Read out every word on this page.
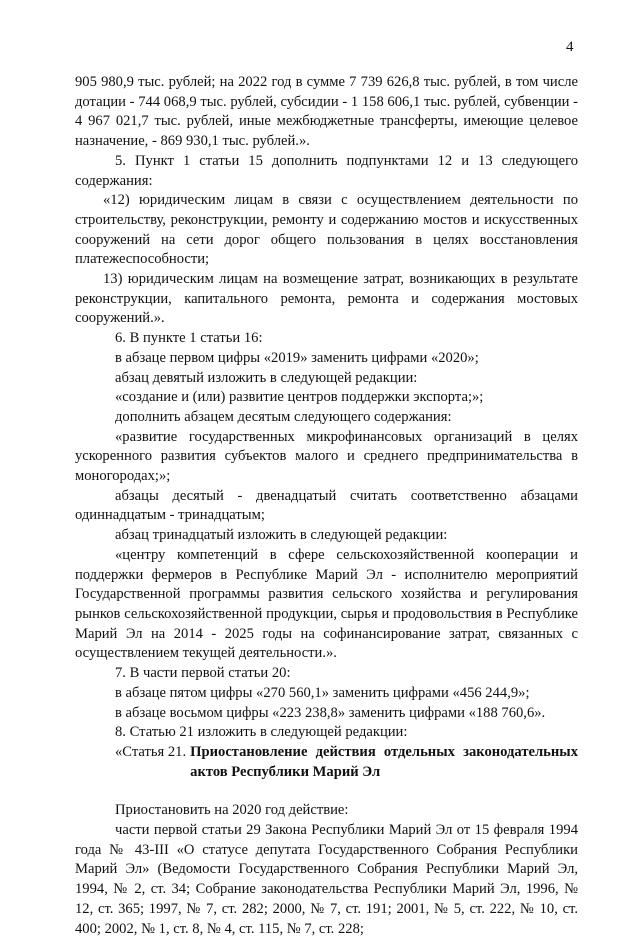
4

905 980,9 тыс. рублей; на 2022 год в сумме 7 739 626,8 тыс. рублей, в том числе дотации - 744 068,9 тыс. рублей, субсидии - 1 158 606,1 тыс. рублей, субвенции - 4 967 021,7 тыс. рублей, иные межбюджетные трансферты, имеющие целевое назначение, - 869 930,1 тыс. рублей.».

5. Пункт 1 статьи 15 дополнить подпунктами 12 и 13 следующего содержания:

«12) юридическим лицам в связи с осуществлением деятельности по строительству, реконструкции, ремонту и содержанию мостов и искусственных сооружений на сети дорог общего пользования в целях восстановления платежеспособности;

13) юридическим лицам на возмещение затрат, возникающих в результате реконструкции, капитального ремонта, ремонта и содержания мостовых сооружений.».

6. В пункте 1 статьи 16:

в абзаце первом цифры «2019» заменить цифрами «2020»;

абзац девятый изложить в следующей редакции:

«создание и (или) развитие центров поддержки экспорта;»;

дополнить абзацем десятым следующего содержания:

«развитие государственных микрофинансовых организаций в целях ускоренного развития субъектов малого и среднего предпринимательства в моногородах;»;

абзацы десятый - двенадцатый считать соответственно абзацами одиннадцатым - тринадцатым;

абзац тринадцатый изложить в следующей редакции:

«центру компетенций в сфере сельскохозяйственной кооперации и поддержки фермеров в Республике Марий Эл - исполнителю мероприятий Государственной программы развития сельского хозяйства и регулирования рынков сельскохозяйственной продукции, сырья и продовольствия в Республике Марий Эл на 2014 - 2025 годы на софинансирование затрат, связанных с осуществлением текущей деятельности.».

7. В части первой статьи 20:

в абзаце пятом цифры «270 560,1» заменить цифрами «456 244,9»;

в абзаце восьмом цифры «223 238,8» заменить цифрами «188 760,6».

8. Статью 21 изложить в следующей редакции:

«Статья 21. Приостановление действия отдельных законодательных актов Республики Марий Эл

Приостановить на 2020 год действие:

части первой статьи 29 Закона Республики Марий Эл от 15 февраля 1994 года № 43-III «О статусе депутата Государственного Собрания Республики Марий Эл» (Ведомости Государственного Собрания Республики Марий Эл, 1994, № 2, ст. 34; Собрание законодательства Республики Марий Эл, 1996, № 12, ст. 365; 1997, № 7, ст. 282; 2000, № 7, ст. 191; 2001, № 5, ст. 222, № 10, ст. 400; 2002, № 1, ст. 8, № 4, ст. 115, № 7, ст. 228;
